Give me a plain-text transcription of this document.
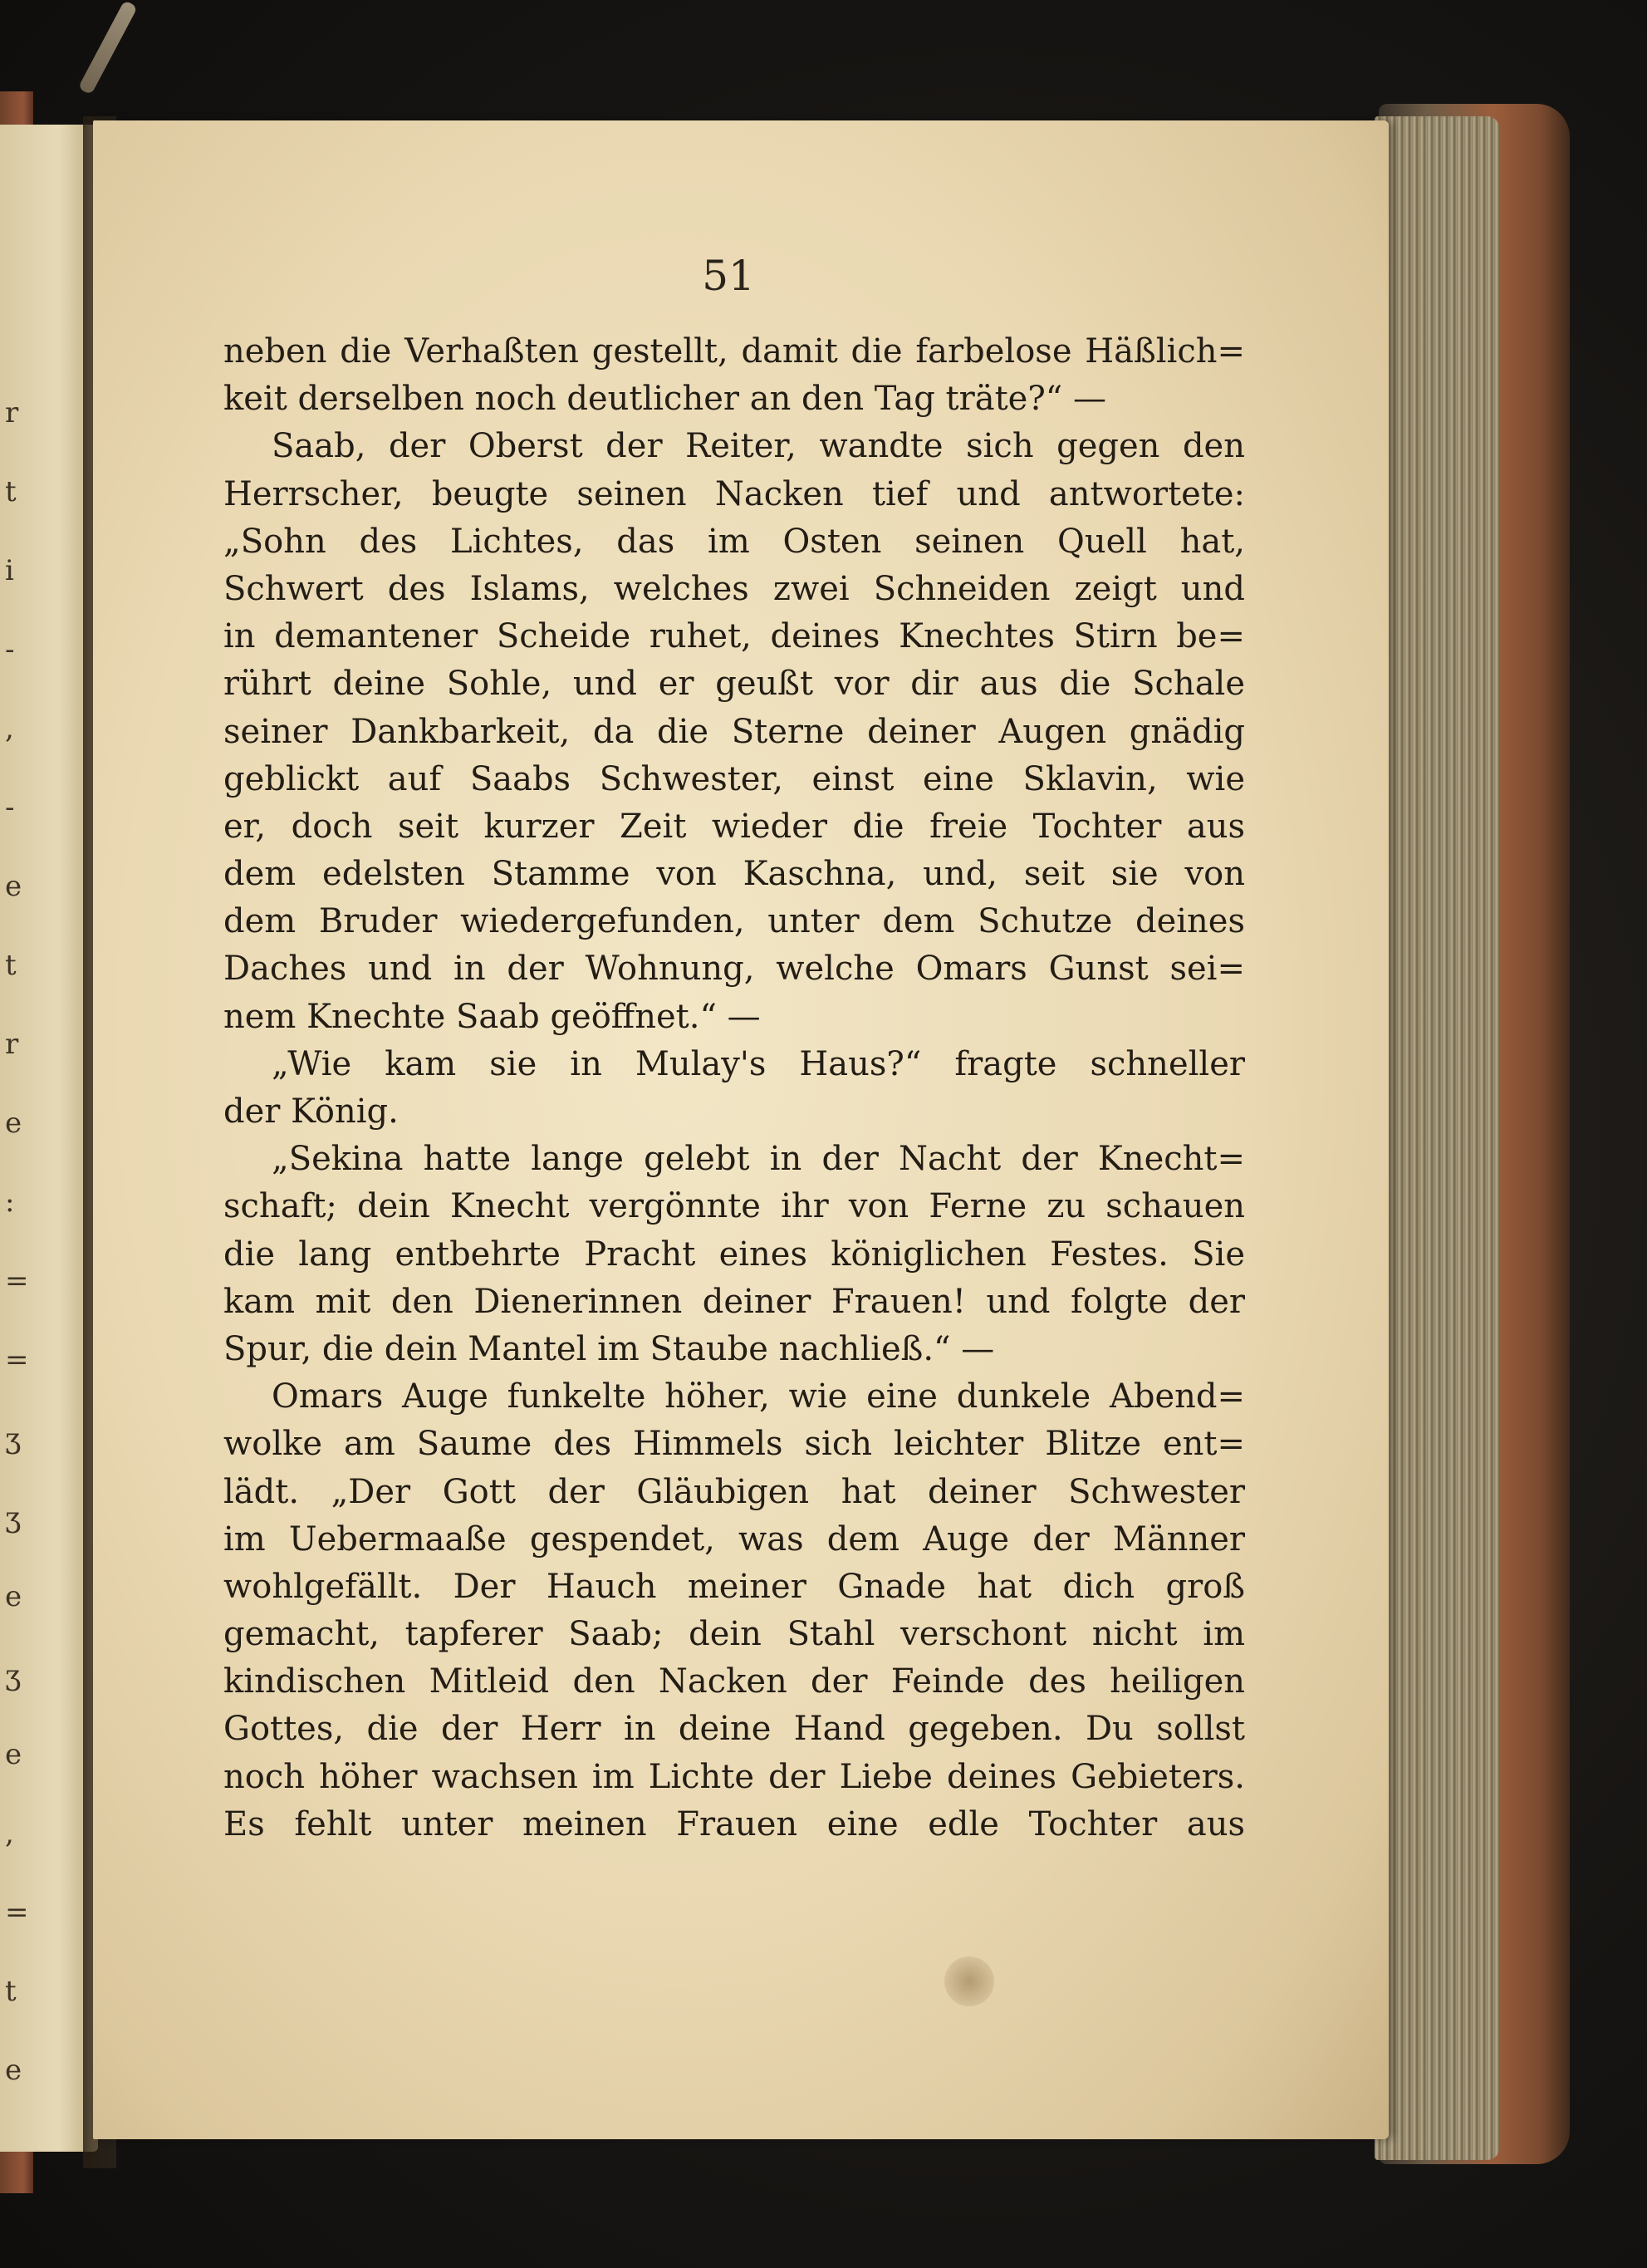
r
t
i
-
,
-
e
t
r
e
:
=
=
ʒ
ʒ
e
ʒ
e
,
=
t
e

51

neben die Verhaßten gestellt, damit die farbelose Häßlich=
keit derselben noch deutlicher an den Tag träte?“ —
Saab, der Oberst der Reiter, wandte sich gegen den
Herrscher, beugte seinen Nacken tief und antwortete:
„Sohn des Lichtes, das im Osten seinen Quell hat,
Schwert des Islams, welches zwei Schneiden zeigt und
in demantener Scheide ruhet, deines Knechtes Stirn be=
rührt deine Sohle, und er geußt vor dir aus die Schale
seiner Dankbarkeit, da die Sterne deiner Augen gnädig
geblickt auf Saabs Schwester, einst eine Sklavin, wie
er, doch seit kurzer Zeit wieder die freie Tochter aus
dem edelsten Stamme von Kaschna, und, seit sie von
dem Bruder wiedergefunden, unter dem Schutze deines
Daches und in der Wohnung, welche Omars Gunst sei=
nem Knechte Saab geöffnet.“ —
„Wie kam sie in Mulay's Haus?“ fragte schneller
der König.
„Sekina hatte lange gelebt in der Nacht der Knecht=
schaft; dein Knecht vergönnte ihr von Ferne zu schauen
die lang entbehrte Pracht eines königlichen Festes. Sie
kam mit den Dienerinnen deiner Frauen! und folgte der
Spur, die dein Mantel im Staube nachließ.“ —
Omars Auge funkelte höher, wie eine dunkele Abend=
wolke am Saume des Himmels sich leichter Blitze ent=
lädt. „Der Gott der Gläubigen hat deiner Schwester
im Uebermaaße gespendet, was dem Auge der Männer
wohlgefällt. Der Hauch meiner Gnade hat dich groß
gemacht, tapferer Saab; dein Stahl verschont nicht im
kindischen Mitleid den Nacken der Feinde des heiligen
Gottes, die der Herr in deine Hand gegeben. Du sollst
noch höher wachsen im Lichte der Liebe deines Gebieters.
Es fehlt unter meinen Frauen eine edle Tochter aus
